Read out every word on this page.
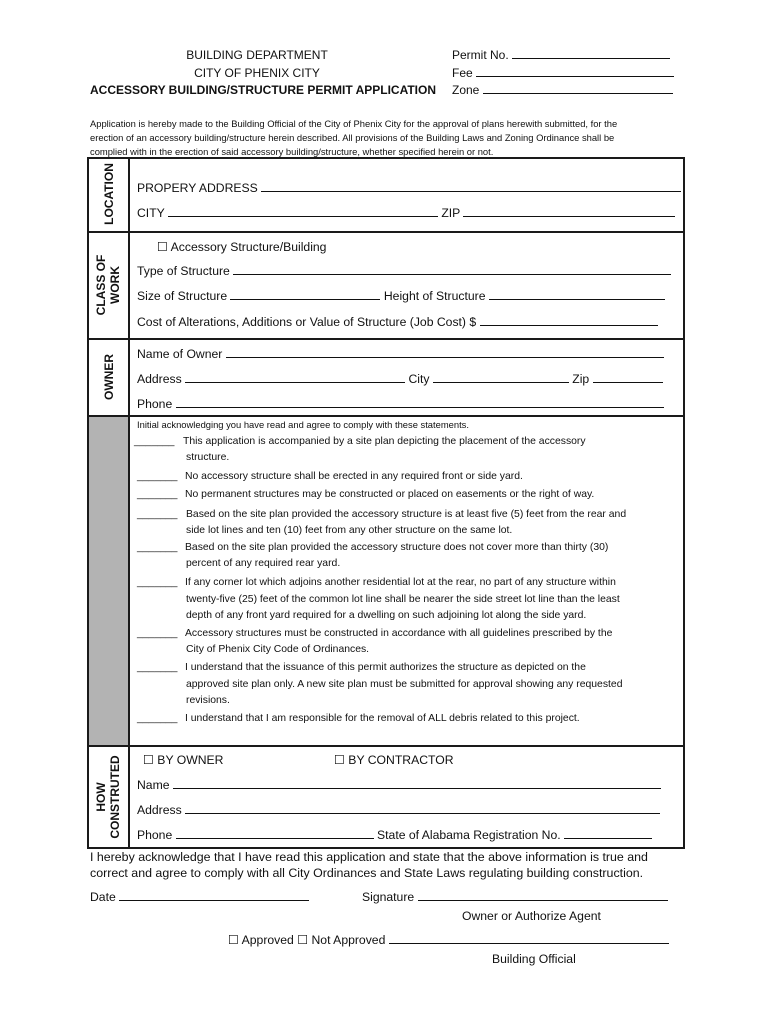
BUILDING DEPARTMENT
CITY OF PHENIX CITY
ACCESSORY BUILDING/STRUCTURE PERMIT APPLICATION
Permit No.
Fee
Zone
Application is hereby made to the Building Official of the City of Phenix City for the approval of plans herewith submitted, for the
erection of an accessory building/structure herein described. All provisions of the Building Laws and Zoning Ordinance shall be
complied with in the erection of said accessory building/structure, whether specified herein or not.
LOCATION
CLASS OF WORK
OWNER
HOW CONSTRUTED
PROPERY ADDRESS
CITY	ZIP
☐ Accessory Structure/Building
Type of Structure
Size of Structure	Height of Structure
Cost of Alterations, Additions or Value of Structure (Job Cost) $
Name of Owner
Address	City	Zip
Phone
Initial acknowledging you have read and agree to comply with these statements.
_______ This application is accompanied by a site plan depicting the placement of the accessory
structure.
_______ No accessory structure shall be erected in any required front or side yard.
_______ No permanent structures may be constructed or placed on easements or the right of way.
_______ Based on the site plan provided the accessory structure is at least five (5) feet from the rear and
side lot lines and ten (10) feet from any other structure on the same lot.
_______ Based on the site plan provided the accessory structure does not cover more than thirty (30)
percent of any required rear yard.
_______ If any corner lot which adjoins another residential lot at the rear, no part of any structure within
twenty-five (25) feet of the common lot line shall be nearer the side street lot line than the least
depth of any front yard required for a dwelling on such adjoining lot along the side yard.
_______ Accessory structures must be constructed in accordance with all guidelines prescribed by the
City of Phenix City Code of Ordinances.
_______ I understand that the issuance of this permit authorizes the structure as depicted on the
approved site plan only. A new site plan must be submitted for approval showing any requested
revisions.
_______ I understand that I am responsible for the removal of ALL debris related to this project.
☐ BY OWNER	☐ BY CONTRACTOR
Name
Address
Phone	State of Alabama Registration No.
I hereby acknowledge that I have read this application and state that the above information is true and
correct and agree to comply with all City Ordinances and State Laws regulating building construction.
Date	Signature
Owner or Authorize Agent
☐ Approved ☐ Not Approved
Building Official
